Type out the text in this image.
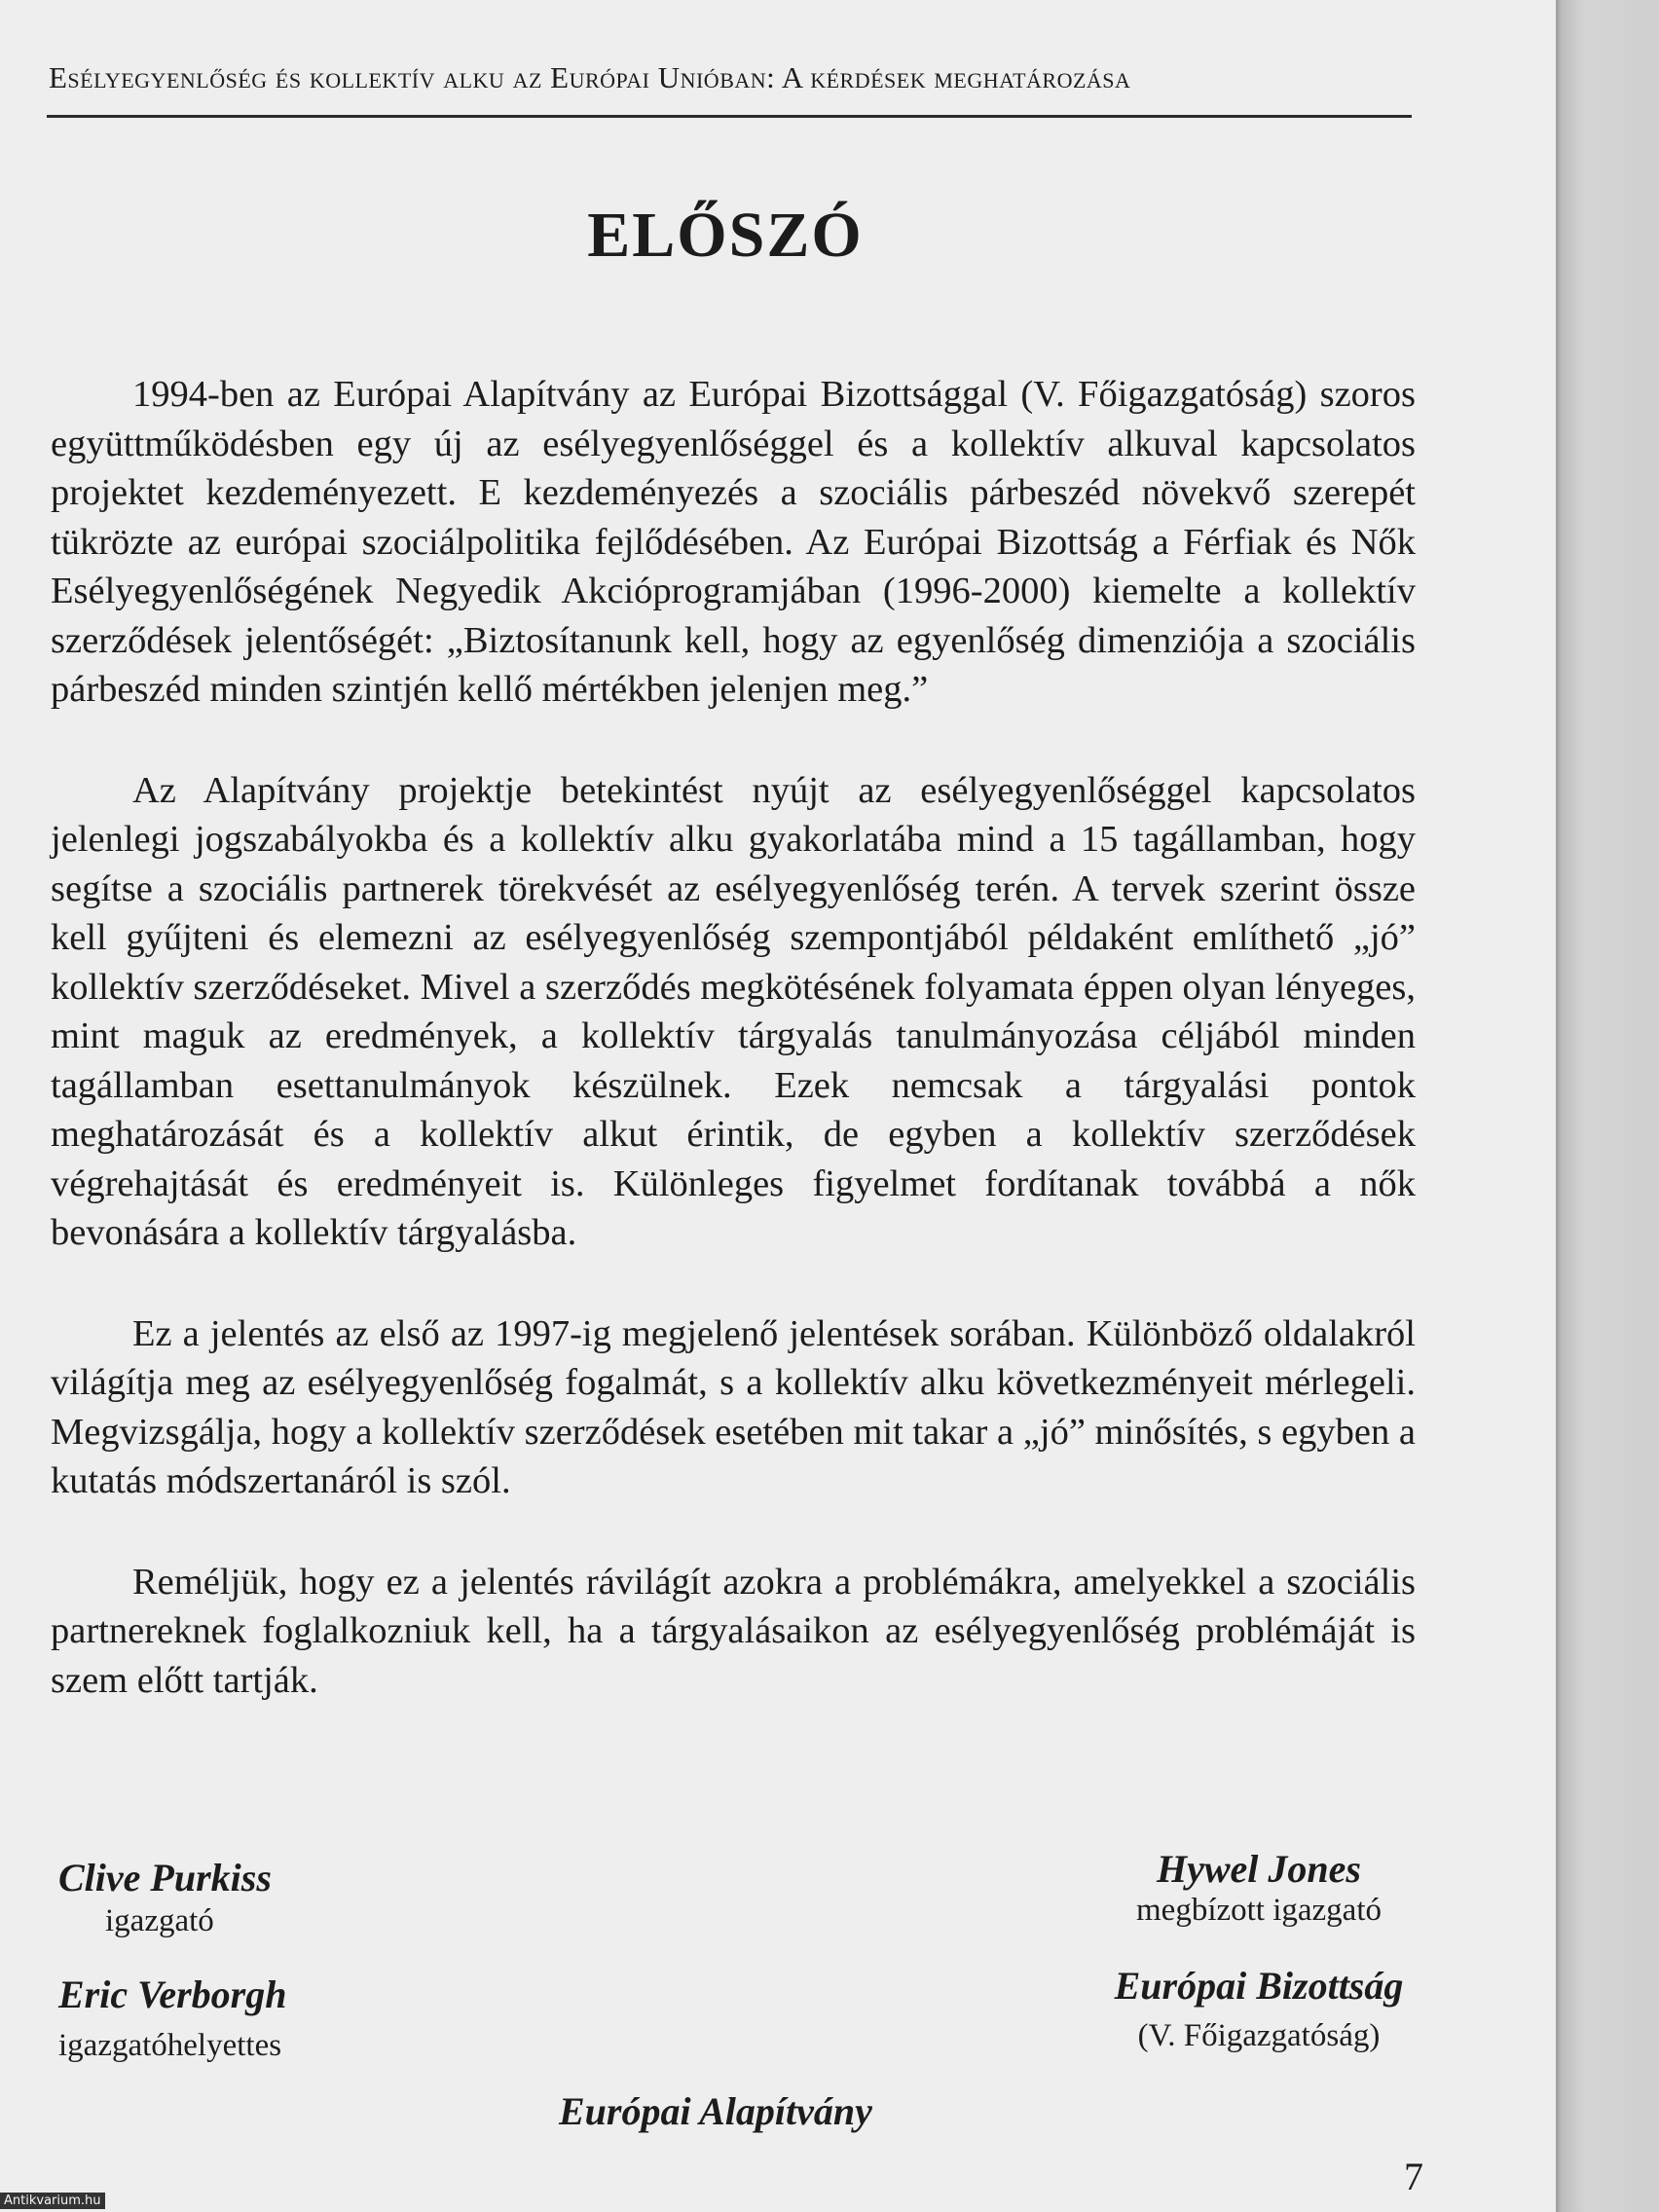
Esélyegyenlőség és kollektív alku az Európai Unióban: A kérdések meghatározása
ELŐSZÓ

1994-ben az Európai Alapítvány az Európai Bizottsággal (V. Főigazgatóság) szoros együttműködésben egy új az esélyegyenlőséggel és a kollektív alkuval kapcsolatos projektet kezdeményezett. E kezdeményezés a szociális párbeszéd növekvő szerepét tükrözte az európai szociálpolitika fejlődésében. Az Európai Bizottság a Férfiak és Nők Esélyegyenlőségének Negyedik Akcióprogramjában (1996-2000) kiemelte a kollektív szerződések jelentőségét: „Biztosítanunk kell, hogy az egyenlőség dimenziója a szociális párbeszéd minden szintjén kellő mértékben jelenjen meg.”

Az Alapítvány projektje betekintést nyújt az esélyegyenlőséggel kapcsolatos jelenlegi jogszabályokba és a kollektív alku gyakorlatába mind a 15 tagállamban, hogy segítse a szociális partnerek törekvését az esélyegyenlőség terén. A tervek szerint össze kell gyűjteni és elemezni az esélyegyenlőség szempontjából példaként említhető „jó” kollektív szerződéseket. Mivel a szerződés megkötésének folyamata éppen olyan lényeges, mint maguk az eredmények, a kollektív tárgyalás tanulmányozása céljából minden tagállamban esettanulmányok készülnek. Ezek nemcsak a tárgyalási pontok meghatározását és a kollektív alkut érintik, de egyben a kollektív szerződések végrehajtását és eredményeit is. Különleges figyelmet fordítanak továbbá a nők bevonására a kollektív tárgyalásba.

Ez a jelentés az első az 1997-ig megjelenő jelentések sorában. Különböző oldalakról világítja meg az esélyegyenlőség fogalmát, s a kollektív alku következményeit mérlegeli. Megvizsgálja, hogy a kollektív szerződések esetében mit takar a „jó” minősítés, s egyben a kutatás módszertanáról is szól.

Reméljük, hogy ez a jelentés rávilágít azokra a problémákra, amelyekkel a szociális partnereknek foglalkozniuk kell, ha a tárgyalásaikon az esélyegyenlőség problémáját is szem előtt tartják.

Clive Purkiss
igazgató
Eric Verborgh
igazgatóhelyettes
Hywel Jones
megbízott igazgató
Európai Bizottság
(V. Főigazgatóság)
Európai Alapítvány
7
Antikvarium.hu
